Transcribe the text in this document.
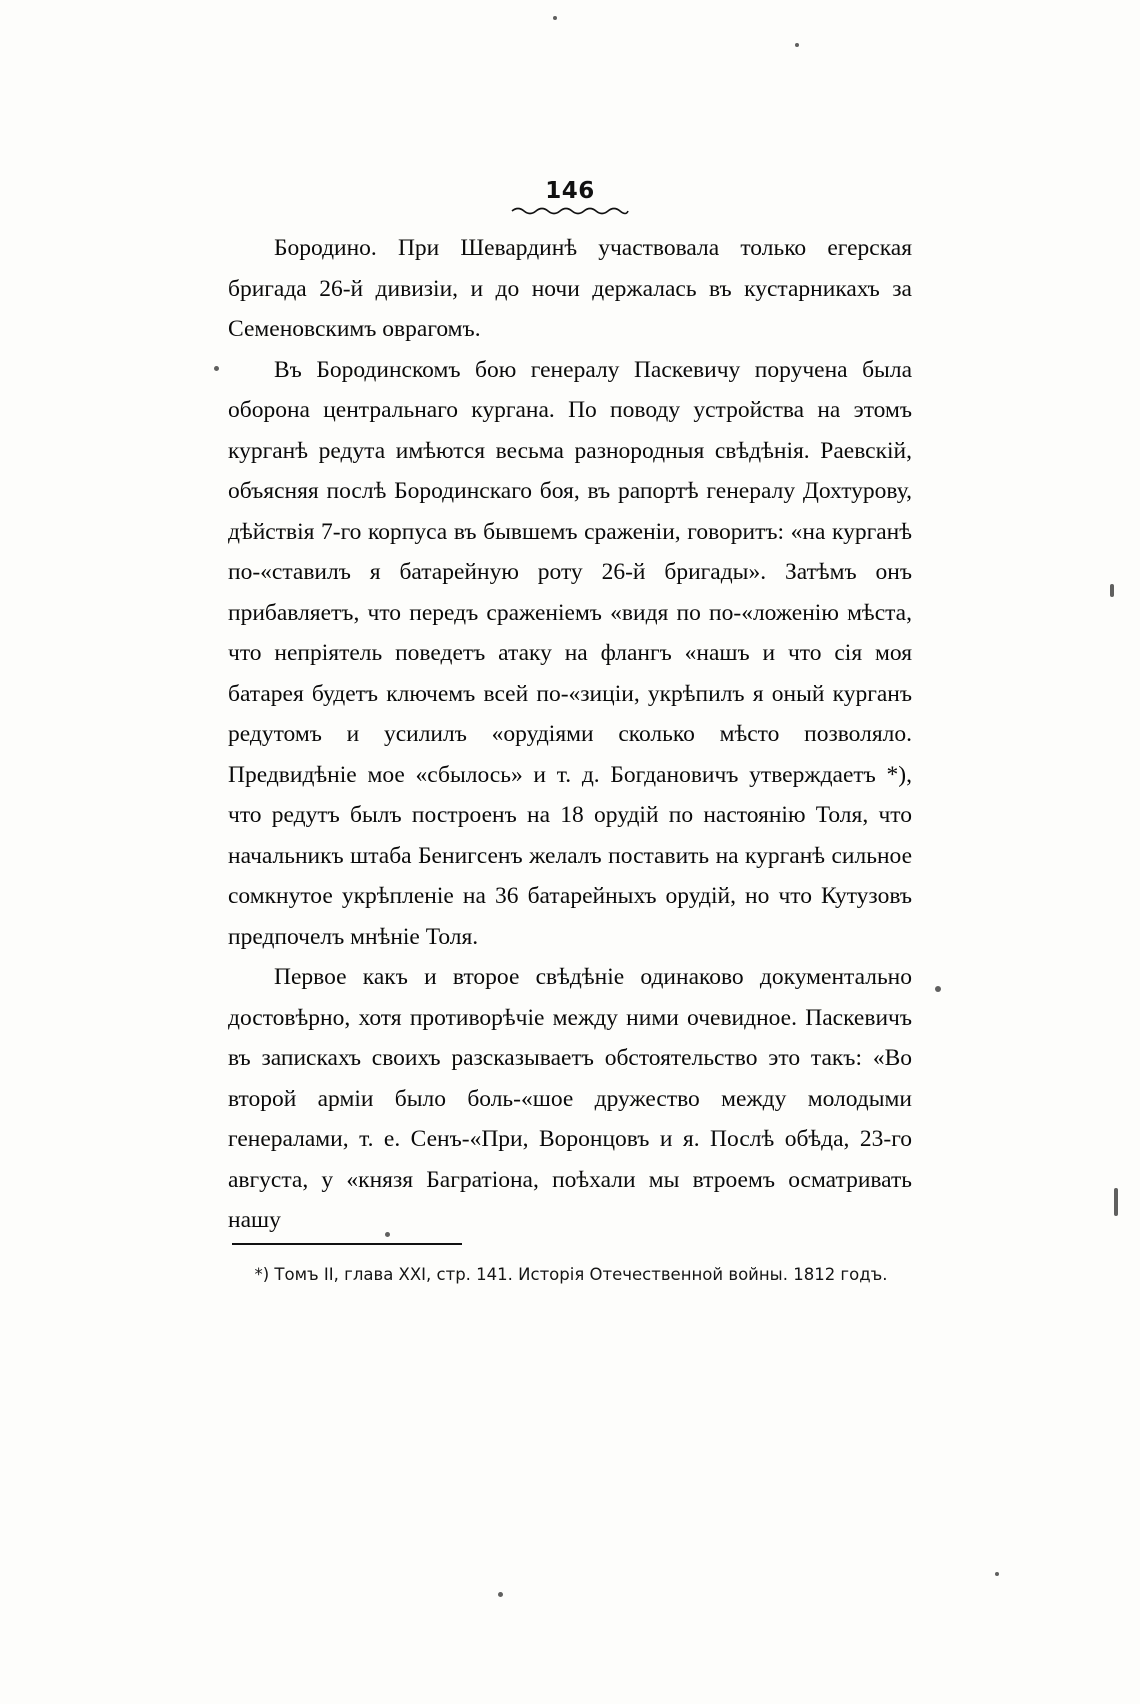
146

Бородино. При Шевардинѣ участвовала только егерская бригада 26-й дивизіи, и до ночи держалась въ кустарникахъ за Семеновскимъ оврагомъ.

Въ Бородинскомъ бою генералу Паскевичу поручена была оборона центральнаго кургана. По поводу устройства на этомъ курганѣ редута имѣются весьма разнородныя свѣдѣнія. Раевскій, объясняя послѣ Бородинскаго боя, въ рапортѣ генералу Дохтурову, дѣйствія 7-го корпуса въ бывшемъ сраженіи, говоритъ: «на курганѣ по-«ставилъ я батарейную роту 26-й бригады». Затѣмъ онъ прибавляетъ, что передъ сраженіемъ «видя по по-«ложенію мѣста, что непріятель поведетъ атаку на флангъ «нашъ и что сія моя батарея будетъ ключемъ всей по-«зиціи, укрѣпилъ я оный курганъ редутомъ и усилилъ «орудіями сколько мѣсто позволяло. Предвидѣніе мое «сбылось» и т. д. Богдановичъ утверждаетъ *), что редутъ былъ построенъ на 18 орудій по настоянію Толя, что начальникъ штаба Бенигсенъ желалъ поставить на курганѣ сильное сомкнутое укрѣпленіе на 36 батарейныхъ орудій, но что Кутузовъ предпочелъ мнѣніе Толя.

Первое какъ и второе свѣдѣніе одинаково документально достовѣрно, хотя противорѣчіе между ними очевидное. Паскевичъ въ запискахъ своихъ разсказываетъ обстоятельство это такъ: «Во второй арміи было боль-«шое дружество между молодыми генералами, т. е. Сенъ-«При, Воронцовъ и я. Послѣ обѣда, 23-го августа, у «князя Багратіона, поѣхали мы втроемъ осматривать нашу

*) Томъ II, глава XXI, стр. 141. Исторія Отечественной войны. 1812 годъ.
